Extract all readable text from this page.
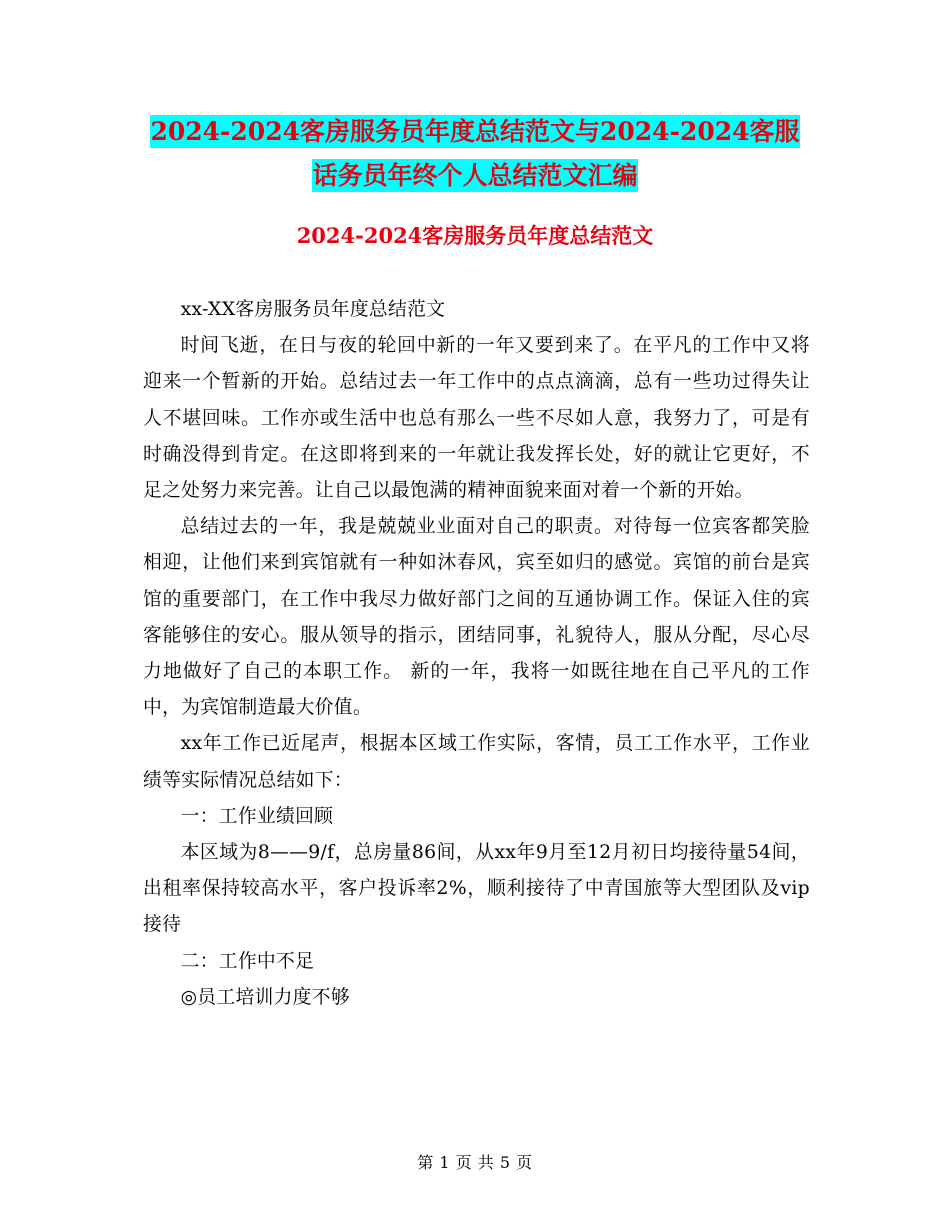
2024-2024客房服务员年度总结范文与2024-2024客服
话务员年终个人总结范文汇编
2024-2024客房服务员年度总结范文

xx-XX客房服务员年度总结范文

时间飞逝，在日与夜的轮回中新的一年又要到来了。在平凡的工作中又将迎来一个暂新的开始。总结过去一年工作中的点点滴滴，总有一些功过得失让人不堪回味。工作亦或生活中也总有那么一些不尽如人意，我努力了，可是有时确没得到肯定。在这即将到来的一年就让我发挥长处，好的就让它更好，不足之处努力来完善。让自己以最饱满的精神面貌来面对着一个新的开始。

总结过去的一年，我是兢兢业业面对自己的职责。对待每一位宾客都笑脸相迎，让他们来到宾馆就有一种如沐春风，宾至如归的感觉。宾馆的前台是宾馆的重要部门，在工作中我尽力做好部门之间的互通协调工作。保证入住的宾客能够住的安心。服从领导的指示，团结同事，礼貌待人，服从分配，尽心尽力地做好了自己的本职工作。 新的一年，我将一如既往地在自己平凡的工作中，为宾馆制造最大价值。

xx年工作已近尾声，根据本区域工作实际，客情，员工工作水平，工作业绩等实际情况总结如下：

一：工作业绩回顾

本区域为8——9/f，总房量86间，从xx年9月至12月初日均接待量54间，出租率保持较高水平，客户投诉率2%，顺利接待了中青国旅等大型团队及vip接待

二：工作中不足

◎员工培训力度不够

第 1 页 共 5 页
